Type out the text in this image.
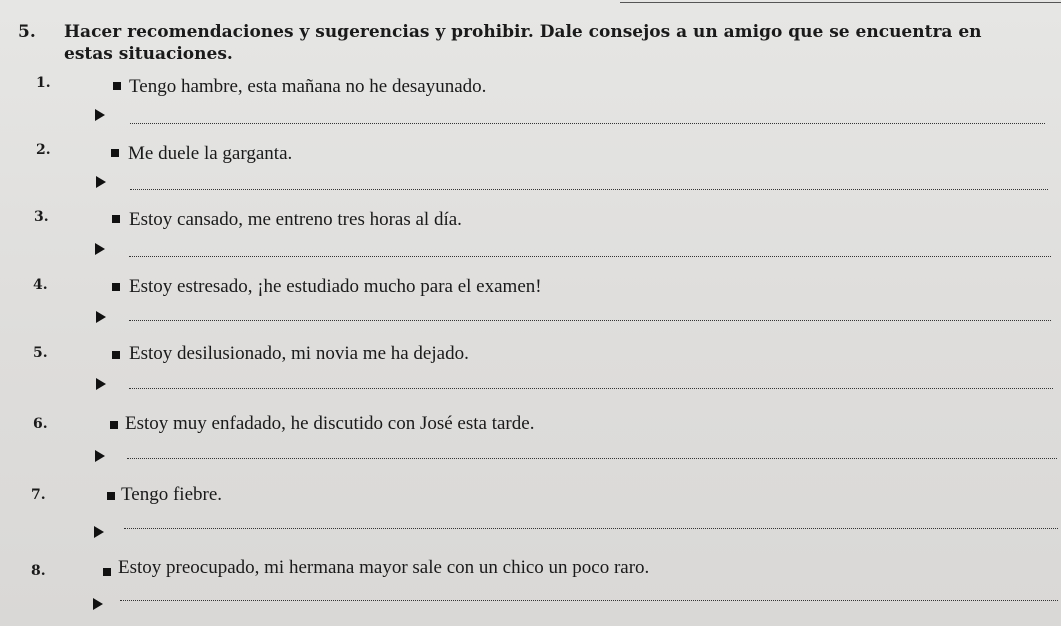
5. Hacer recomendaciones y sugerencias y prohibir. Dale consejos a un amigo que se encuentra en estas situaciones.
1.	Tengo hambre, esta mañana no he desayunado.
2.	Me duele la garganta.
3.	Estoy cansado, me entreno tres horas al día.
4.	Estoy estresado, ¡he estudiado mucho para el examen!
5.	Estoy desilusionado, mi novia me ha dejado.
6.	Estoy muy enfadado, he discutido con José esta tarde.
7.	Tengo fiebre.
8.	Estoy preocupado, mi hermana mayor sale con un chico un poco raro.
